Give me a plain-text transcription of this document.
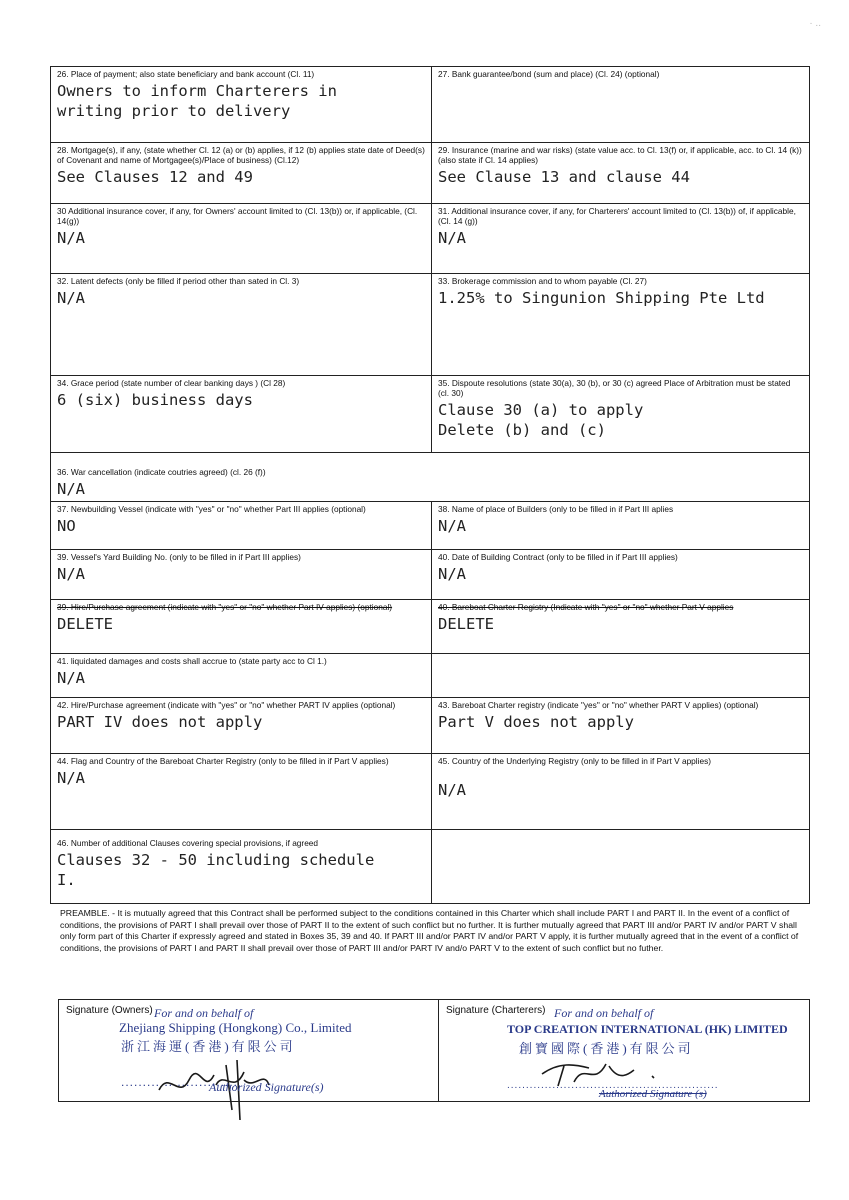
· ..
26. Place of payment; also state beneficiary and bank account (Cl. 11)
Owners to inform Charterers in
writing prior to delivery
27. Bank guarantee/bond (sum and place) (Cl. 24) (optional)
28. Mortgage(s), if any, (state whether Cl. 12 (a) or (b) applies, if 12 (b) applies state date of Deed(s) of Covenant and name of Mortgagee(s)/Place of business) (Cl.12)
See Clauses 12 and 49
29. Insurance (marine and war risks) (state value acc. to Cl. 13(f) or, if applicable, acc. to Cl. 14 (k)) (also state if Cl. 14 applies)
See Clause 13 and clause 44
30 Additional insurance cover, if any, for Owners' account limited to (Cl. 13(b)) or, if applicable, (Cl. 14(g))
N/A
31. Additional insurance cover, if any, for Charterers' account limited to (Cl. 13(b)) of, if applicable, (Cl. 14 (g))
N/A
32. Latent defects (only be filled if period other than sated in Cl. 3)
N/A
33. Brokerage commission and to whom payable (Cl. 27)
1.25% to Singunion Shipping Pte Ltd
34. Grace period (state number of clear banking days ) (Cl 28)
6 (six) business days
35. Dispoute resolutions (state 30(a), 30 (b), or 30 (c) agreed Place of Arbitration must be stated (cl. 30)
Clause 30 (a) to apply
Delete (b) and (c)
36. War cancellation (indicate coutries agreed) (cl. 26 (f))
N/A
37. Newbuilding Vessel (indicate with "yes" or "no" whether Part III applies (optional)
NO
38. Name of place of Builders (only to be filled in if Part III aplies
N/A
39. Vessel's Yard Building No. (only to be filled in if Part III applies)
N/A
40. Date of Building Contract (only to be filled in if Part III applies)
N/A
39. Hire/Purchase agreement (indicate with "yes" or "no" whether Part IV applies) (optional)
DELETE
40. Bareboat Charter Registry (Indicate with "yes" or "no" whether Part V applies
DELETE
41. liquidated damages and costs shall accrue to (state party acc to Cl 1.)
N/A
42. Hire/Purchase agreement (indicate with "yes" or "no" whether PART IV applies (optional)
PART IV does not apply
43. Bareboat Charter registry (indicate "yes" or "no" whether PART V applies) (optional)
Part V does not apply
44. Flag and Country of the Bareboat Charter Registry (only to be filled in if Part V applies)
N/A
45. Country of the Underlying Registry (only to be filled in if Part V applies)
N/A
46. Number of additional Clauses covering special provisions, if agreed
Clauses 32 - 50 including schedule
I.
PREAMBLE. - It is mutually agreed that this Contract shall be performed subject to the conditions contained in this Charter which shall include PART I and PART II. In the event of a conflict of conditions, the provisions of PART I shall prevail over those of PART II to the extent of such conflict but no further. It is further mutually agreed that PART III and/or PART IV and/or PART V shall only form part of this Charter if expressly agreed and stated in Boxes 35, 39 and 40. If PART III and/or PART IV and/or PART V apply, it is further mutually agreed that in the event of a conflict of conditions, the provisions of PART I and PART II shall prevail over those of PART III and/or PART IV and/o PART V to the extent of such conflict but no futher.
Signature (Owners) For and on behalf of
Zhejiang Shipping (Hongkong) Co., Limited
浙江海運(香港)有限公司
......... .................
Authorized Signature(s)
Signature (Charterers) For and on behalf of
TOP CREATION INTERNATIONAL (HK) LIMITED
創寶國際(香港)有限公司
........................................................
Authorized Signature (s)
